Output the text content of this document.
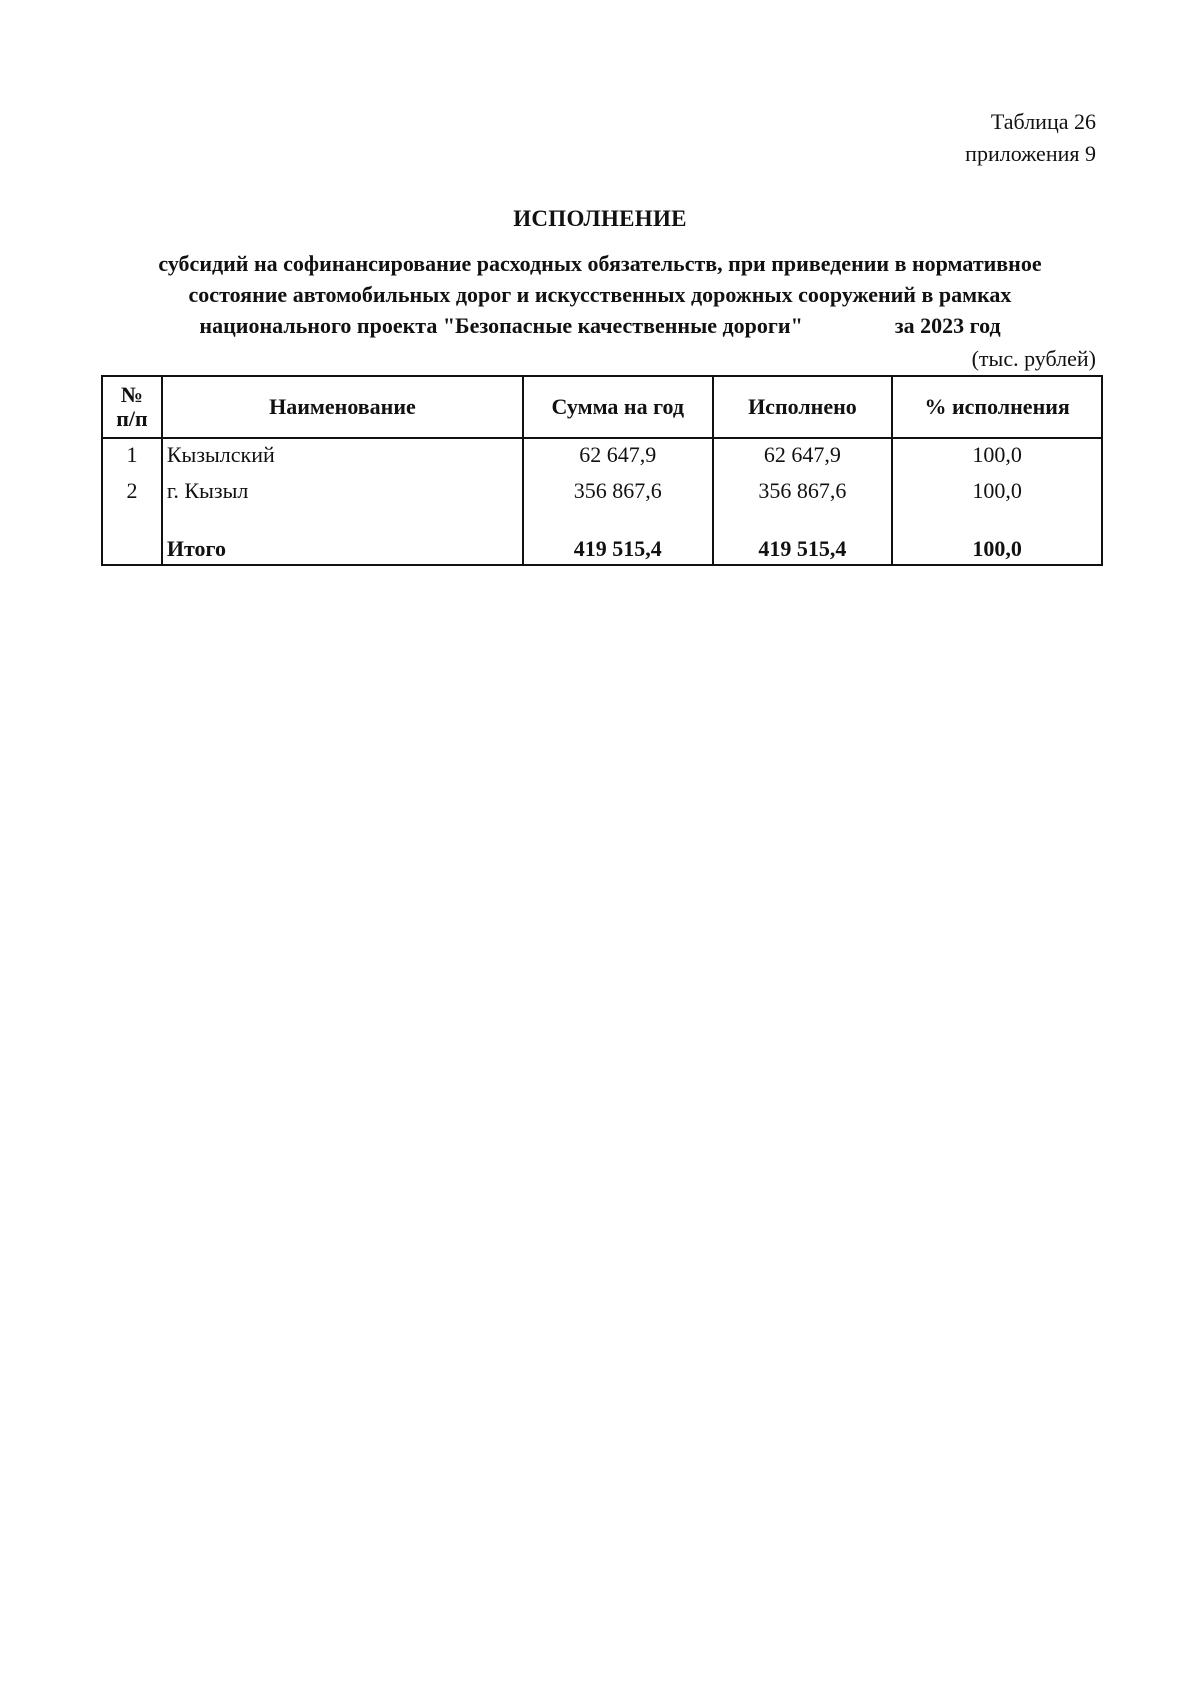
Таблица 26
приложения 9
ИСПОЛНЕНИЕ
субсидий на софинансирование расходных обязательств, при приведении в нормативное
состояние автомобильных дорог и искусственных дорожных сооружений в рамках
национального проекта "Безопасные качественные дороги"	за 2023 год
(тыс. рублей)
№
п/п	Наименование	Сумма на год	Исполнено	% исполнения
1	Кызылский	62 647,9	62 647,9	100,0
2	г. Кызыл	356 867,6	356 867,6	100,0

	Итого	419 515,4	419 515,4	100,0
